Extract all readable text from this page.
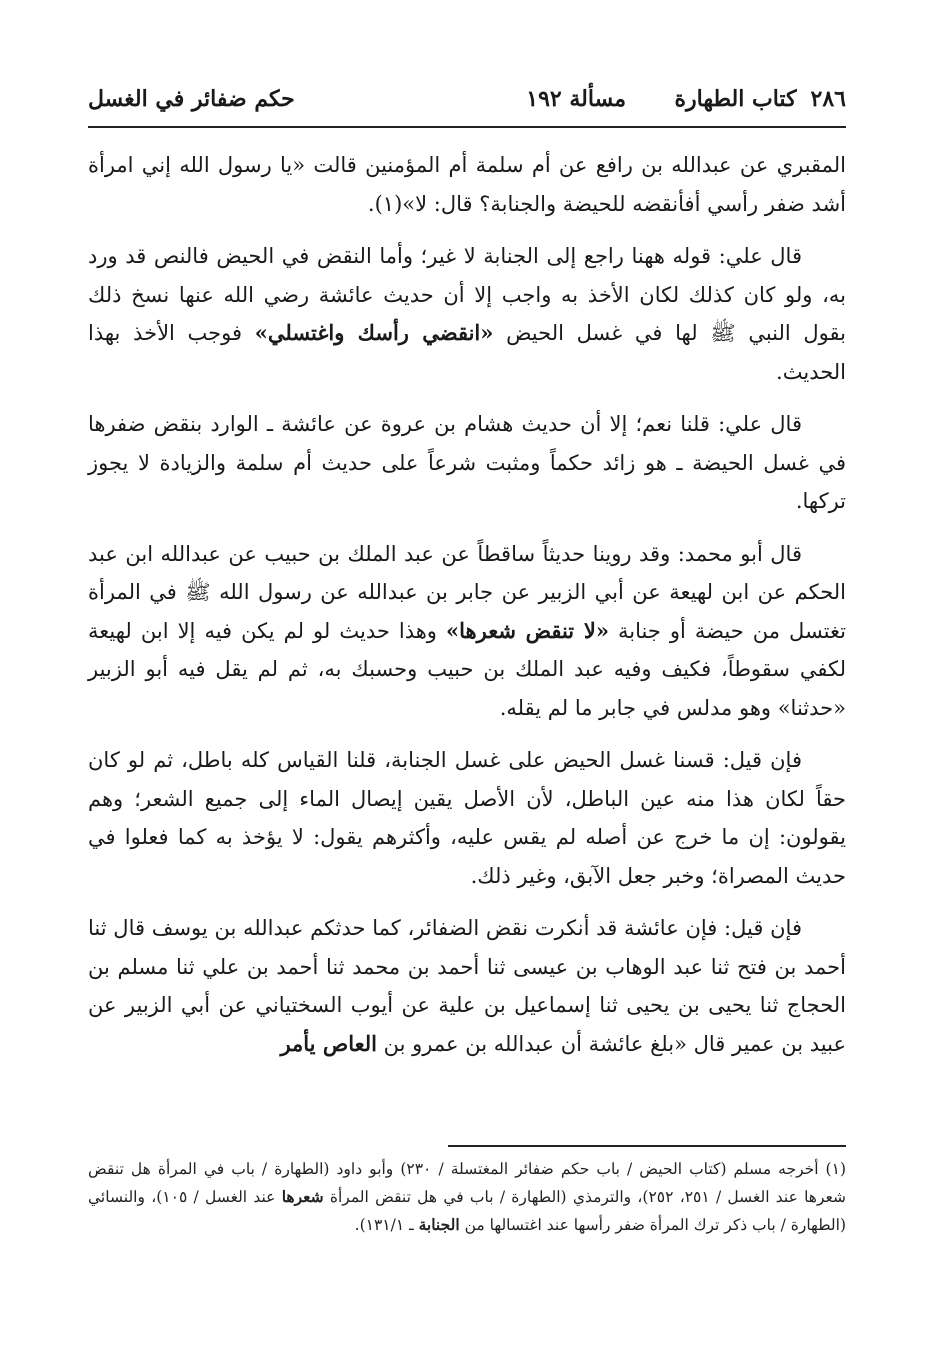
٢٨٦كتاب الطهارة
مسألة ١٩٢
حكم ضفائر في الغسل

المقبري عن عبدالله بن رافع عن أم سلمة أم المؤمنين قالت «يا رسول الله إني امرأة أشد ضفر رأسي أفأنقضه للحيضة والجنابة؟ قال: لا»(١).

قال علي: قوله ههنا راجع إلى الجنابة لا غير؛ وأما النقض في الحيض فالنص قد ورد به، ولو كان كذلك لكان الأخذ به واجب إلا أن حديث عائشة رضي الله عنها نسخ ذلك بقول النبي ﷺ لها في غسل الحيض «انقضي رأسك واغتسلي» فوجب الأخذ بهذا الحديث.

قال علي: قلنا نعم؛ إلا أن حديث هشام بن عروة عن عائشة ـ الوارد بنقض ضفرها في غسل الحيضة ـ هو زائد حكماً ومثبت شرعاً على حديث أم سلمة والزيادة لا يجوز تركها.

قال أبو محمد: وقد روينا حديثاً ساقطاً عن عبد الملك بن حبيب عن عبدالله ابن عبد الحكم عن ابن لهيعة عن أبي الزبير عن جابر بن عبدالله عن رسول الله ﷺ في المرأة تغتسل من حيضة أو جنابة «لا تنقض شعرها» وهذا حديث لو لم يكن فيه إلا ابن لهيعة لكفي سقوطاً، فكيف وفيه عبد الملك بن حبيب وحسبك به، ثم لم يقل فيه أبو الزبير «حدثنا» وهو مدلس في جابر ما لم يقله.

فإن قيل: قسنا غسل الحيض على غسل الجنابة، قلنا القياس كله باطل، ثم لو كان حقاً لكان هذا منه عين الباطل، لأن الأصل يقين إيصال الماء إلى جميع الشعر؛ وهم يقولون: إن ما خرج عن أصله لم يقس عليه، وأكثرهم يقول: لا يؤخذ به كما فعلوا في حديث المصراة؛ وخبر جعل الآبق، وغير ذلك.

فإن قيل: فإن عائشة قد أنكرت نقض الضفائر، كما حدثكم عبدالله بن يوسف قال ثنا أحمد بن فتح ثنا عبد الوهاب بن عيسى ثنا أحمد بن محمد ثنا أحمد بن علي ثنا مسلم بن الحجاج ثنا يحيى بن يحيى ثنا إسماعيل بن علية عن أيوب السختياني عن أبي الزبير عن عبيد بن عمير قال «بلغ عائشة أن عبدالله بن عمرو بن العاص يأمر

(١) أخرجه مسلم (كتاب الحيض / باب حكم ضفائر المغتسلة / ٢٣٠) وأبو داود (الطهارة / باب في المرأة هل تنقض شعرها عند الغسل / ٢٥١، ٢٥٢)، والترمذي (الطهارة / باب في هل تنقض المرأة شعرها عند الغسل / ١٠٥)، والنسائي (الطهارة / باب ذكر ترك المرأة ضفر رأسها عند اغتسالها من الجنابة ـ ١٣١/١).
